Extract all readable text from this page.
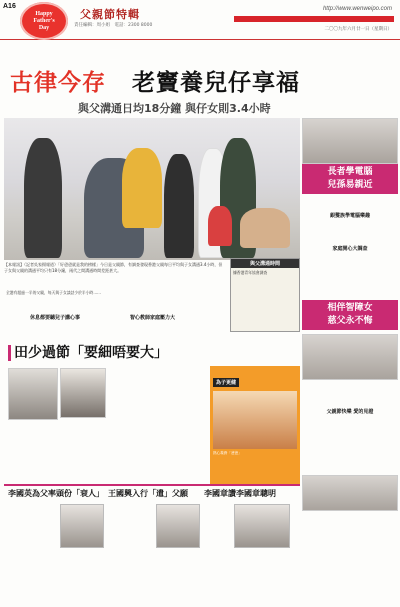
A16
Happy
Father's
Day
父親節特輯
責任編輯：周小姐　電話：2300 8000
http://www.wenweipo.com
二〇〇九年六月廿一日（星期日）
古律今存 老竇養兒仔享福
與父溝通日均18分鐘 與仔女則3.4小時
【本報訊】（記者吳家揚報道）「好爸爸就是我的榜樣」今日是父親節，有調查發現香港父親每日平均與子女溝通3.4小時，但子女與父親的溝通平均只有18分鐘，兩代之間溝通時間差距甚大。
與父溝通時間
據香港青年協會調查
全港有超過一半的父親，每天與子女談話少於半小時……
休息都要聽兒子講心事	智心教師家庭壓力大
田少過節「要細唔要大」
為子更健
熱心義務「爸爸」
長者學電腦
兒孫易親近
銀髮族學電腦樂趣
家庭開心大調查
相伴智障女
慈父永不悔
父親節快樂 愛的見證
李國英為父率頭份「衰人」 王國興入行「遺」父願 李國章讚李國章聰明
